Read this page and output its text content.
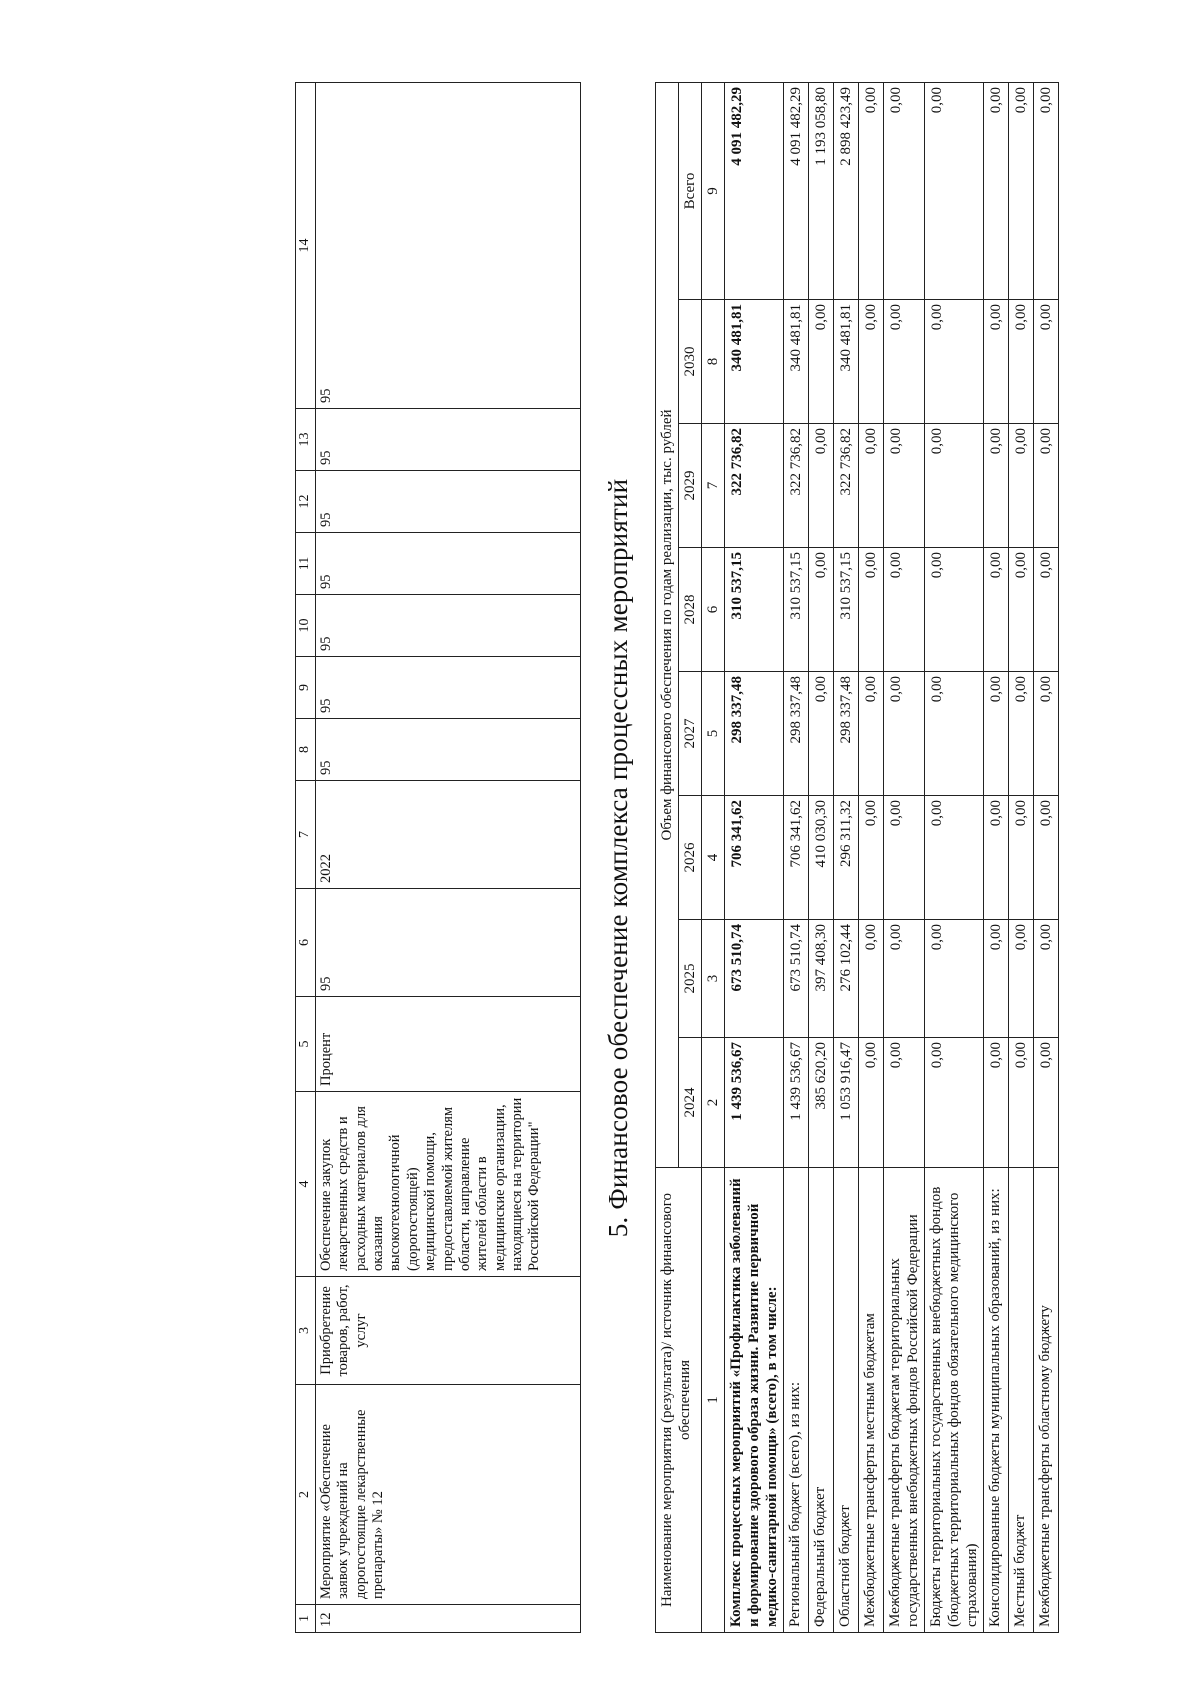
1	2	3	4	5	6	7	8	9	10	11	12	13	14
12	Мероприятие «Обеспечение заявок учреждений на дорогостоящие лекарственные препараты» № 12	Приобретение товаров, работ, услуг	Обеспечение закупок лекарственных средств и расходных материалов для оказания высокотехнологичной (дорогостоящей) медицинской помощи, предоставляемой жителям области, направление жителей области в медицинские организации, находящиеся на территории Российской Федерации"	Процент	95	2022	95	95	95	95	95	95	95
5. Финансовое обеспечение комплекса процессных мероприятий
Наименование мероприятия (результата)/ источник финансового обеспечения	Объем финансового обеспечения по годам реализации, тыс. рублей							
	2024	2025	2026	2027	2028	2029	2030	Всего
1	2	3	4	5	6	7	8	9
Комплекс процессных мероприятий «Профилактика заболеваний и формирование здорового образа жизни. Развитие первичной медико-санитарной помощи» (всего), в том числе:	1 439 536,67	673 510,74	706 341,62	298 337,48	310 537,15	322 736,82	340 481,81	4 091 482,29
Региональный бюджет (всего), из них:	1 439 536,67	673 510,74	706 341,62	298 337,48	310 537,15	322 736,82	340 481,81	4 091 482,29
Федеральный бюджет	385 620,20	397 408,30	410 030,30	0,00	0,00	0,00	0,00	1 193 058,80
Областной бюджет	1 053 916,47	276 102,44	296 311,32	298 337,48	310 537,15	322 736,82	340 481,81	2 898 423,49
Межбюджетные трансферты местным бюджетам	0,00	0,00	0,00	0,00	0,00	0,00	0,00	0,00
Межбюджетные трансферты бюджетам территориальных государственных внебюджетных фондов Российской Федерации	0,00	0,00	0,00	0,00	0,00	0,00	0,00	0,00
Бюджеты территориальных государственных внебюджетных фондов (бюджетных территориальных фондов обязательного медицинского страхования)	0,00	0,00	0,00	0,00	0,00	0,00	0,00	0,00
Консолидированные бюджеты муниципальных образований, из них:	0,00	0,00	0,00	0,00	0,00	0,00	0,00	0,00
Местный бюджет	0,00	0,00	0,00	0,00	0,00	0,00	0,00	0,00
Межбюджетные трансферты областному бюджету	0,00	0,00	0,00	0,00	0,00	0,00	0,00	0,00
